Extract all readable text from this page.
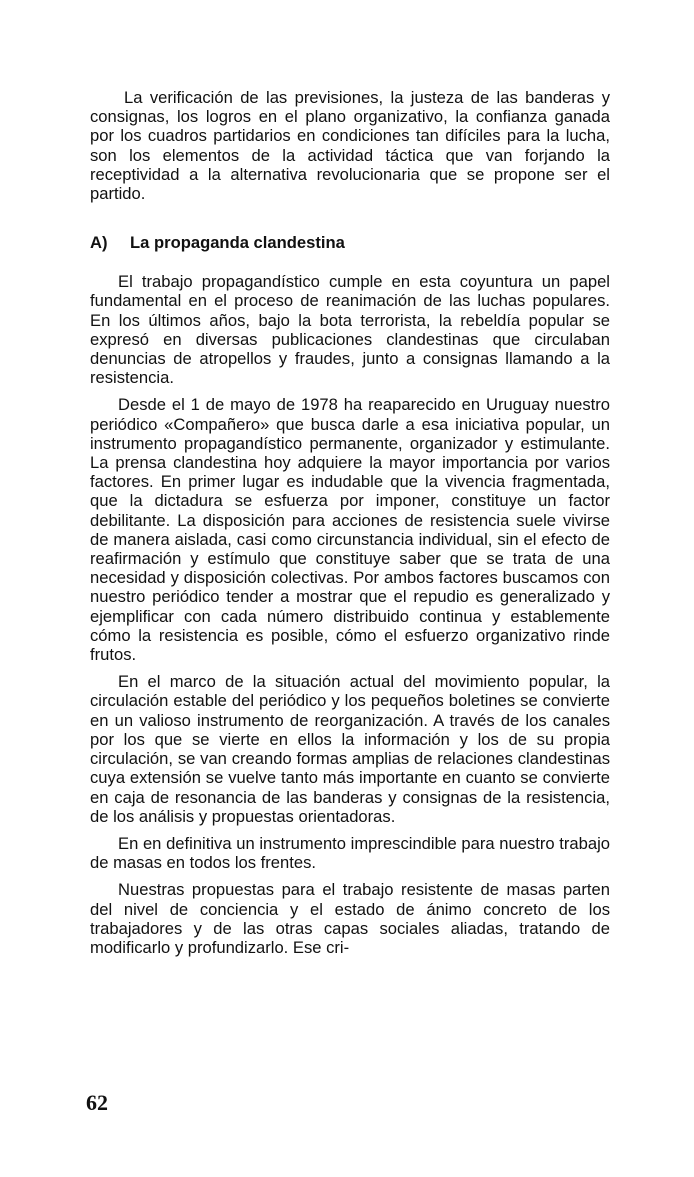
La verificación de las previsiones, la justeza de las banderas y consignas, los logros en el plano organizativo, la confianza ganada por los cuadros partidarios en condiciones tan difíciles para la lucha, son los elementos de la actividad táctica que van forjando la receptividad a la alternativa revolucionaria que se propone ser el partido.

A) La propaganda clandestina

El trabajo propagandístico cumple en esta coyuntura un papel fundamental en el proceso de reanimación de las luchas populares. En los últimos años, bajo la bota terrorista, la rebeldía popular se expresó en diversas publicaciones clandestinas que circulaban denuncias de atropellos y fraudes, junto a consignas llamando a la resistencia.

Desde el 1 de mayo de 1978 ha reaparecido en Uruguay nuestro periódico «Compañero» que busca darle a esa iniciativa popular, un instrumento propagandístico permanente, organizador y estimulante. La prensa clandestina hoy adquiere la mayor importancia por varios factores. En primer lugar es indudable que la vivencia fragmentada, que la dictadura se esfuerza por imponer, constituye un factor debilitante. La disposición para acciones de resistencia suele vivirse de manera aislada, casi como circunstancia individual, sin el efecto de reafirmación y estímulo que constituye saber que se trata de una necesidad y disposición colectivas. Por ambos factores buscamos con nuestro periódico tender a mostrar que el repudio es generalizado y ejemplificar con cada número distribuido continua y establemente cómo la resistencia es posible, cómo el esfuerzo organizativo rinde frutos.

En el marco de la situación actual del movimiento popular, la circulación estable del periódico y los pequeños boletines se convierte en un valioso instrumento de reorganización. A través de los canales por los que se vierte en ellos la información y los de su propia circulación, se van creando formas amplias de relaciones clandestinas cuya extensión se vuelve tanto más importante en cuanto se convierte en caja de resonancia de las banderas y consignas de la resistencia, de los análisis y propuestas orientadoras.

En en definitiva un instrumento imprescindible para nuestro trabajo de masas en todos los frentes.

Nuestras propuestas para el trabajo resistente de masas parten del nivel de conciencia y el estado de ánimo concreto de los trabajadores y de las otras capas sociales aliadas, tratando de modificarlo y profundizarlo. Ese cri-

62
